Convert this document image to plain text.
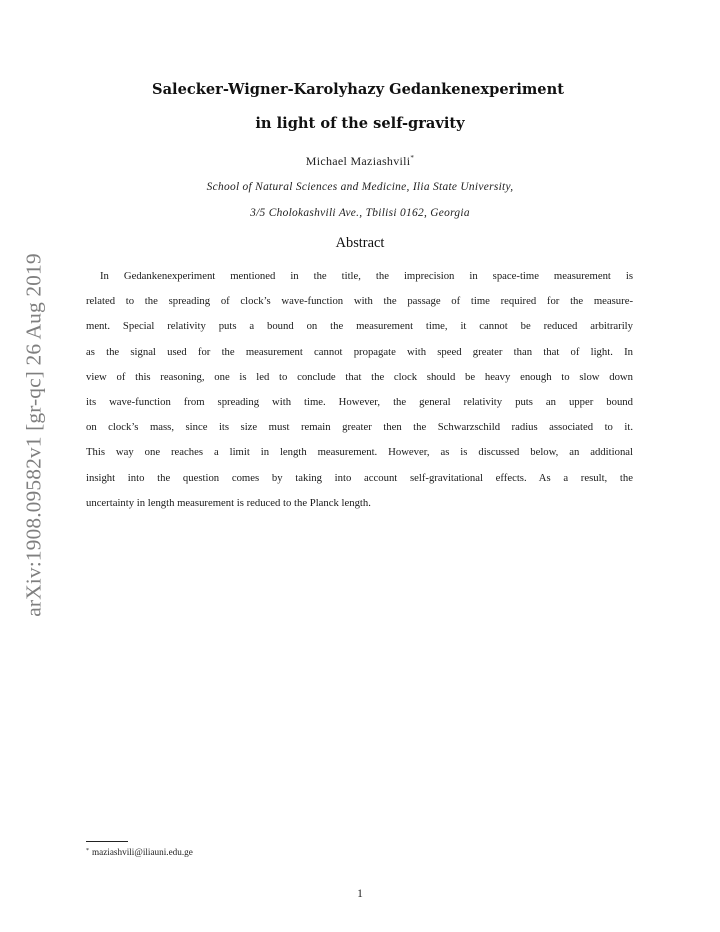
arXiv:1908.09582v1 [gr-qc] 26 Aug 2019
Salecker-Wigner-Karolyhazy Gedankenexperiment
in light of the self-gravity
Michael Maziashvili*
School of Natural Sciences and Medicine, Ilia State University,
3/5 Cholokashvili Ave., Tbilisi 0162, Georgia
Abstract
In Gedankenexperiment mentioned in the title, the imprecision in space-time measurement is
related to the spreading of clock’s wave-function with the passage of time required for the measure-
ment. Special relativity puts a bound on the measurement time, it cannot be reduced arbitrarily
as the signal used for the measurement cannot propagate with speed greater than that of light. In
view of this reasoning, one is led to conclude that the clock should be heavy enough to slow down
its wave-function from spreading with time. However, the general relativity puts an upper bound
on clock’s mass, since its size must remain greater then the Schwarzschild radius associated to it.
This way one reaches a limit in length measurement. However, as is discussed below, an additional
insight into the question comes by taking into account self-gravitational effects. As a result, the
uncertainty in length measurement is reduced to the Planck length.
* maziashvili@iliauni.edu.ge
1
